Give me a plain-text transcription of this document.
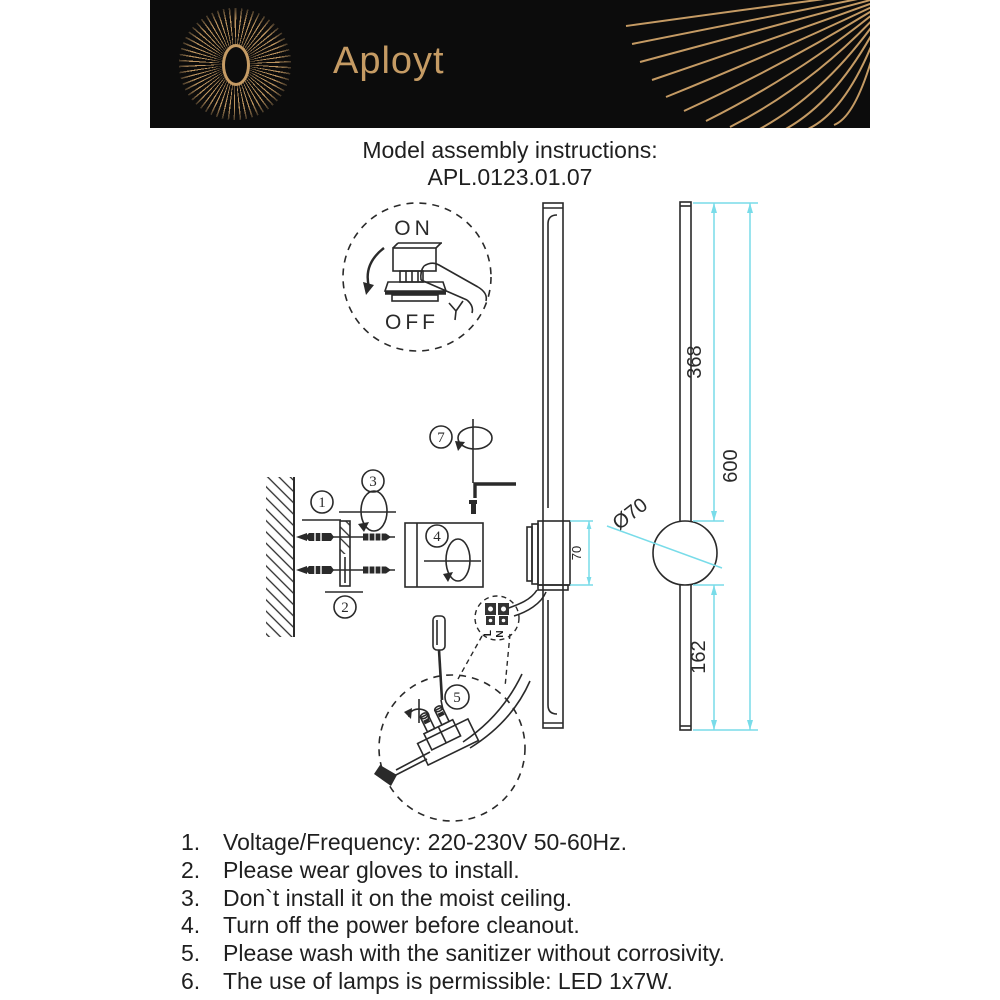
Aployt
Model assembly instructions:
APL.0123.01.07
ON
OFF
7
1
3
2
4
L N
5
368
600
162
Ø70
70
1. Voltage/Frequency: 220-230V 50-60Hz.
2. Please wear gloves to install.
3. Don`t install it on the moist ceiling.
4. Turn off the power before cleanout.
5. Please wash with the sanitizer without corrosivity.
6. The use of lamps is permissible: LED 1x7W.
